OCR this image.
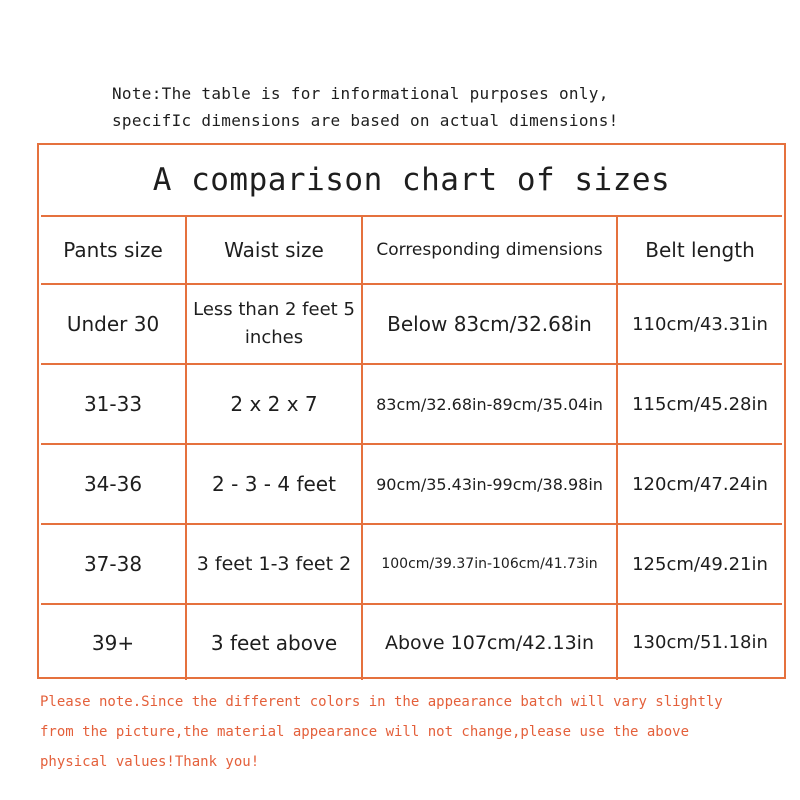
Note:The table is for informational purposes only,
specifIc dimensions are based on actual dimensions!
A comparison chart of sizes
Pants size	Waist size	Corresponding dimensions	Belt length
Under 30	Less than 2 feet 5 inches	Below 83cm/32.68in	110cm/43.31in
31-33	2 x 2 x 7	83cm/32.68in-89cm/35.04in	115cm/45.28in
34-36	2 - 3 - 4 feet	90cm/35.43in-99cm/38.98in	120cm/47.24in
37-38	3 feet 1-3 feet 2	100cm/39.37in-106cm/41.73in	125cm/49.21in
39+	3 feet above	Above 107cm/42.13in	130cm/51.18in
Please note.Since the different colors in the appearance batch will vary slightly
from the picture,the material appearance will not change,please use the above
physical values!Thank you!
